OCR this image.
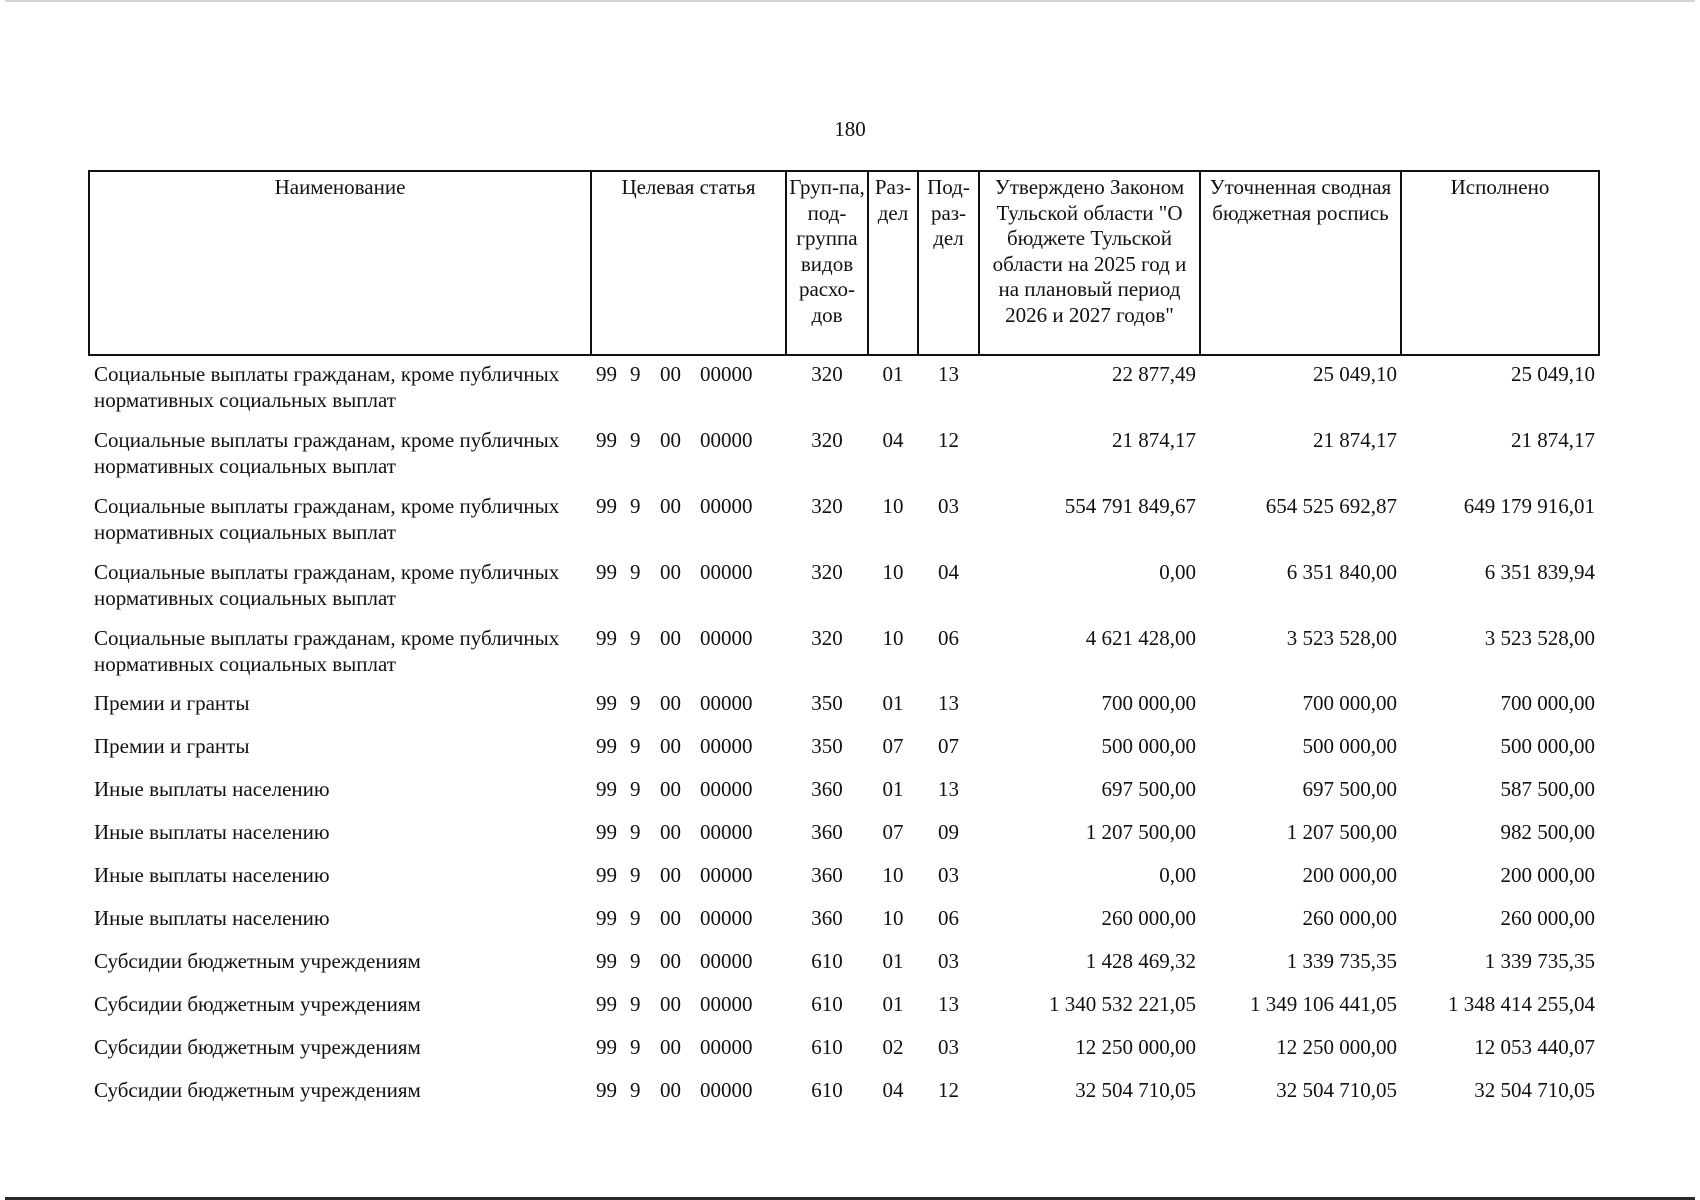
180
Наименование	Целевая статья	Груп-па, под-группа видов расхо-дов	Раз-дел	Под-раз-дел	Утверждено Законом Тульской области "О бюджете Тульской области на 2025 год и на плановый период 2026 и 2027 годов"	Уточненная сводная бюджетная роспись	Исполнено
Социальные выплаты гражданам, кроме публичных нормативных социальных выплат	99 9 00 00000	320	01	13	22 877,49	25 049,10	25 049,10
Социальные выплаты гражданам, кроме публичных нормативных социальных выплат	99 9 00 00000	320	04	12	21 874,17	21 874,17	21 874,17
Социальные выплаты гражданам, кроме публичных нормативных социальных выплат	99 9 00 00000	320	10	03	554 791 849,67	654 525 692,87	649 179 916,01
Социальные выплаты гражданам, кроме публичных нормативных социальных выплат	99 9 00 00000	320	10	04	0,00	6 351 840,00	6 351 839,94
Социальные выплаты гражданам, кроме публичных нормативных социальных выплат	99 9 00 00000	320	10	06	4 621 428,00	3 523 528,00	3 523 528,00
Премии и гранты	99 9 00 00000	350	01	13	700 000,00	700 000,00	700 000,00
Премии и гранты	99 9 00 00000	350	07	07	500 000,00	500 000,00	500 000,00
Иные выплаты населению	99 9 00 00000	360	01	13	697 500,00	697 500,00	587 500,00
Иные выплаты населению	99 9 00 00000	360	07	09	1 207 500,00	1 207 500,00	982 500,00
Иные выплаты населению	99 9 00 00000	360	10	03	0,00	200 000,00	200 000,00
Иные выплаты населению	99 9 00 00000	360	10	06	260 000,00	260 000,00	260 000,00
Субсидии бюджетным учреждениям	99 9 00 00000	610	01	03	1 428 469,32	1 339 735,35	1 339 735,35
Субсидии бюджетным учреждениям	99 9 00 00000	610	01	13	1 340 532 221,05	1 349 106 441,05	1 348 414 255,04
Субсидии бюджетным учреждениям	99 9 00 00000	610	02	03	12 250 000,00	12 250 000,00	12 053 440,07
Субсидии бюджетным учреждениям	99 9 00 00000	610	04	12	32 504 710,05	32 504 710,05	32 504 710,05
